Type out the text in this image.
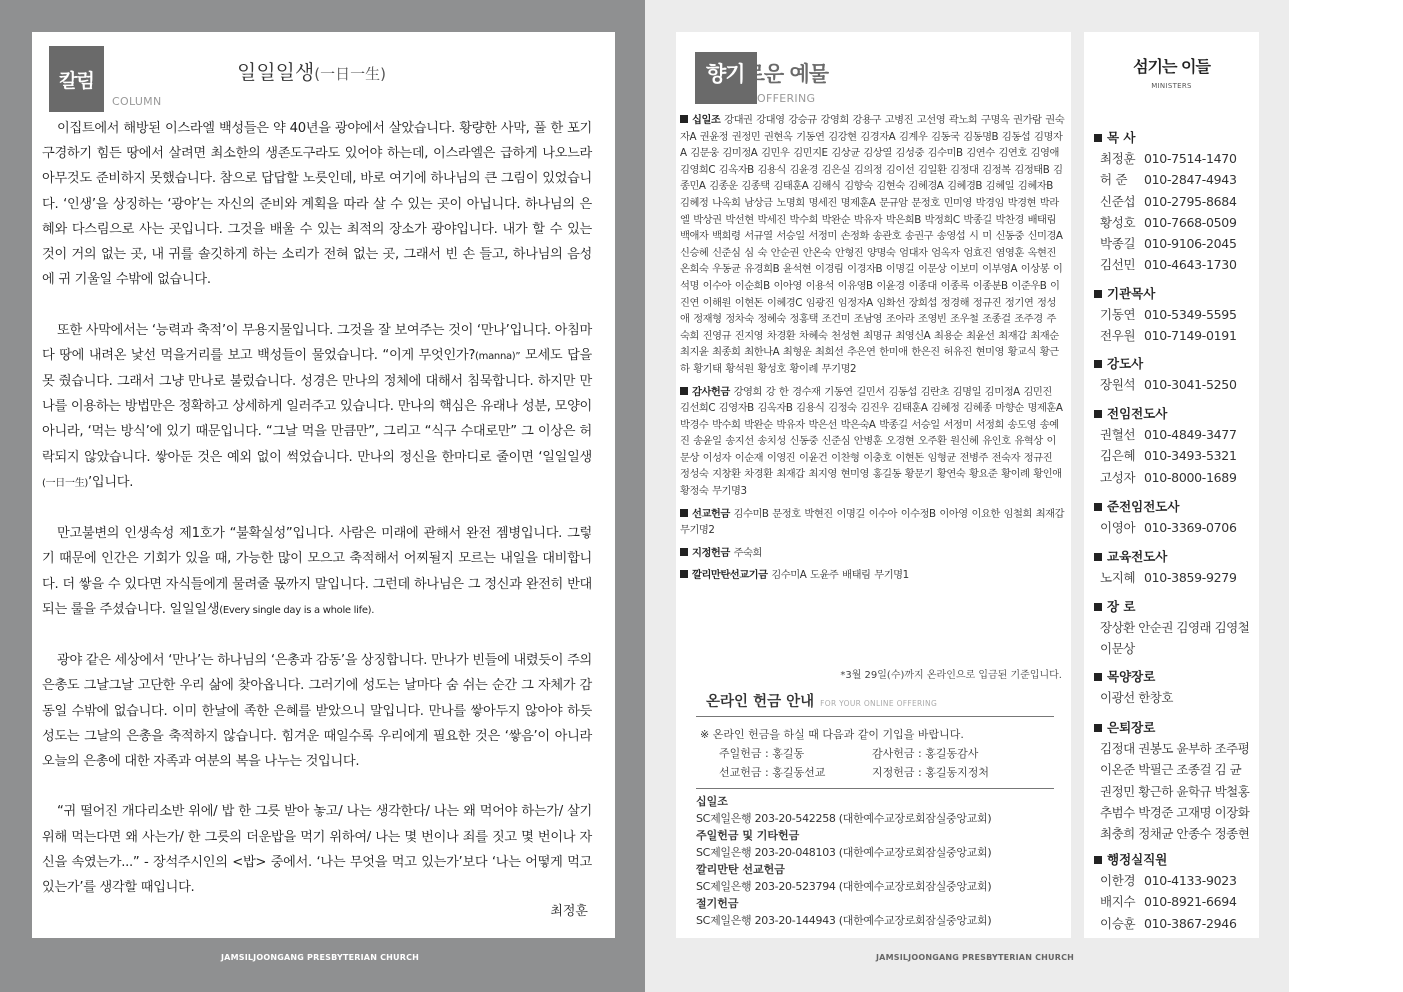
칼럼
COLUMN
일일일생(一日一生)

이집트에서 해방된 이스라엘 백성들은 약 40년을 광야에서 살았습니다. 황량한 사막, 풀 한 포기 구경하기 힘든 땅에서 살려면 최소한의 생존도구라도 있어야 하는데, 이스라엘은 급하게 나오느라 아무것도 준비하지 못했습니다. 참으로 답답할 노릇인데, 바로 여기에 하나님의 큰 그림이 있었습니다. ‘인생’을 상징하는 ‘광야’는 자신의 준비와 계획을 따라 살 수 있는 곳이 아닙니다. 하나님의 은혜와 다스림으로 사는 곳입니다. 그것을 배울 수 있는 최적의 장소가 광야입니다. 내가 할 수 있는 것이 거의 없는 곳, 내 귀를 솔깃하게 하는 소리가 전혀 없는 곳, 그래서 빈 손 들고, 하나님의 음성에 귀 기울일 수밖에 없습니다.

또한 사막에서는 ‘능력과 축적’이 무용지물입니다. 그것을 잘 보여주는 것이 ‘만나’입니다. 아침마다 땅에 내려온 낯선 먹을거리를 보고 백성들이 물었습니다. “이게 무엇인가?(manna)” 모세도 답을 못 줬습니다. 그래서 그냥 만나로 불렀습니다. 성경은 만나의 정체에 대해서 침묵합니다. 하지만 만나를 이용하는 방법만은 정확하고 상세하게 일러주고 있습니다. 만나의 핵심은 유래나 성분, 모양이 아니라, ‘먹는 방식’에 있기 때문입니다. “그날 먹을 만큼만”, 그리고 “식구 수대로만” 그 이상은 허락되지 않았습니다. 쌓아둔 것은 예외 없이 썩었습니다. 만나의 정신을 한마디로 줄이면 ‘일일일생(一日一生)’입니다.

만고불변의 인생속성 제1호가 “불확실성”입니다. 사람은 미래에 관해서 완전 젬병입니다. 그렇기 때문에 인간은 기회가 있을 때, 가능한 많이 모으고 축적해서 어찌될지 모르는 내일을 대비합니다. 더 쌓을 수 있다면 자식들에게 물려줄 몫까지 말입니다. 그런데 하나님은 그 정신과 완전히 반대되는 룰을 주셨습니다. 일일일생(Every single day is a whole life).

광야 같은 세상에서 ‘만나’는 하나님의 ‘은총과 감동’을 상징합니다. 만나가 빈들에 내렸듯이 주의 은총도 그날그날 고단한 우리 삶에 찾아옵니다. 그러기에 성도는 날마다 숨 쉬는 순간 그 자체가 감동일 수밖에 없습니다. 이미 한날에 족한 은혜를 받았으니 말입니다. 만나를 쌓아두지 않아야 하듯 성도는 그날의 은총을 축적하지 않습니다. 힘겨운 때일수록 우리에게 필요한 것은 ‘쌓음’이 아니라 오늘의 은총에 대한 자족과 여분의 복을 나누는 것입니다.

“귀 떨어진 개다리소반 위에/ 밥 한 그릇 받아 놓고/ 나는 생각한다/ 나는 왜 먹어야 하는가/ 살기 위해 먹는다면 왜 사는가/ 한 그릇의 더운밥을 먹기 위하여/ 나는 몇 번이나 죄를 짓고 몇 번이나 자신을 속였는가...” - 장석주시인의 <밥> 중에서. ‘나는 무엇을 먹고 있는가’보다 ‘나는 어떻게 먹고 있는가’를 생각할 때입니다.

최정훈
JAMSILJOONGANG PRESBYTERIAN CHURCH
향기로운 예물
OFFERING
십일조 강대권 강대영 강승규 강영희 강용구 고병진 고선영 곽노희 구명옥 권가람 권숙자A 권윤정 권정민 권현옥 기동연 김강현 김경자A 김계우 김동국 김동명B 김동섭 김명자A 김문웅 김미정A 김민우 김민지E 김상균 김상열 김성중 김수미B 김연수 김연호 김영애 김영희C 김옥자B 김용식 김윤경 김은실 김의정 김이선 김일환 김정대 김정복 김정태B 김종민A 김종운 김종택 김태훈A 김해식 김향숙 김현숙 김혜경A 김혜경B 김혜일 김혜자B 김혜정 나옥희 남상금 노명희 명세진 명제훈A 문규암 문정호 민미영 박경임 박경현 박라엘 박상권 박선현 박세진 박수희 박완순 박유자 박은희B 박정희C 박종길 박찬경 배태림 백애자 백희령 서규열 서승일 서정미 손정화 송관호 송권구 송영섭 시 미 신동중 신미경A 신승혜 신준심 심 숙 안순권 안온숙 안형진 양명숙 엄대자 엄옥자 엄효진 염영훈 옥현진 온희숙 우동균 유경희B 윤석현 이경림 이경자B 이명길 이문상 이보미 이부영A 이상봉 이석명 이수아 이순희B 이아영 이용석 이유영B 이윤경 이종대 이종록 이종분B 이준우B 이진연 이해원 이현돈 이혜경C 임광진 임정자A 임화선 장희섭 정경해 정규진 정기연 정성애 정재형 정차숙 정혜숙 정홍택 조건미 조남영 조아라 조영빈 조우철 조종걸 조주경 주숙희 진영규 진지영 차경환 차혜숙 천성현 최명규 최영신A 최용순 최윤선 최재갑 최재순 최지윤 최종희 최한나A 최형운 최희선 추은연 한미애 한은진 허유진 현미영 황교식 황근하 황기태 황석원 황성호 황이례 무기명2
감사헌금 강영희 강 한 경수재 기동연 길민서 김동섭 김란초 김명일 김미정A 김민진 김선희C 김영자B 김옥자B 김용식 김정숙 김진우 김태훈A 김혜정 김혜종 마향순 명제훈A 박경수 박수희 박완순 박유자 박은선 박은숙A 박종길 서승일 서정미 서정희 송도영 송예진 송윤일 송지선 송치성 신동중 신준심 안병훈 오경현 오주환 원신혜 유인호 유혁상 이문상 이성자 이순재 이영진 이윤건 이찬형 이충호 이현돈 임형균 전병주 전숙자 정규진 정성숙 지창환 차경환 최재갑 최지영 현미영 홍길동 황문기 황연숙 황요준 황이례 황인애 황정숙 무기명3
선교헌금 김수미B 문정호 박현진 이명길 이수아 이수정B 이아영 이요한 임철희 최재갑 무기명2
지정헌금 주숙희
깔리만탄선교기금 김수미A 도윤주 배태림 무기명1
*3월 29일(수)까지 온라인으로 입금된 기준입니다.
온라인 헌금 안내 FOR YOUR ONLINE OFFERING
※ 온라인 헌금을 하실 때 다음과 같이 기입을 바랍니다.
주일헌금 : 홍길동	감사헌금 : 홍길동감사
선교헌금 : 홍길동선교	지정헌금 : 홍길동지정처
십일조
SC제일은행 203-20-542258 (대한예수교장로회잠실중앙교회)
주일헌금 및 기타헌금
SC제일은행 203-20-048103 (대한예수교장로회잠실중앙교회)
깔리만탄 선교헌금
SC제일은행 203-20-523794 (대한예수교장로회잠실중앙교회)
절기헌금
SC제일은행 203-20-144943 (대한예수교장로회잠실중앙교회)
섬기는 이들
MINISTERS
목 사
최정훈 010-7514-1470
허 준 010-2847-4943
신준섭 010-2795-8684
황성호 010-7668-0509
박종길 010-9106-2045
김선민 010-4643-1730
기관목사
기동연 010-5349-5595
전우원 010-7149-0191
강도사
장원석 010-3041-5250
전임전도사
권혈선 010-4849-3477
김은혜 010-3493-5321
고성자 010-8000-1689
준전임전도사
이영아 010-3369-0706
교육전도사
노지혜 010-3859-9279
장 로
장상환 안순권 김영래 김영철
이문상
목양장로
이광선 한창호
은퇴장로
김정대 권봉도 윤부하 조주평
이온준 박필근 조종걸 김 균
권정민 황근하 윤학규 박철홍
추범수 박경준 고재명 이장화
최충희 정채균 안종수 정종현
행정실직원
이한경 010-4133-9023
배지수 010-8921-6694
이승훈 010-3867-2946
JAMSILJOONGANG PRESBYTERIAN CHURCH
